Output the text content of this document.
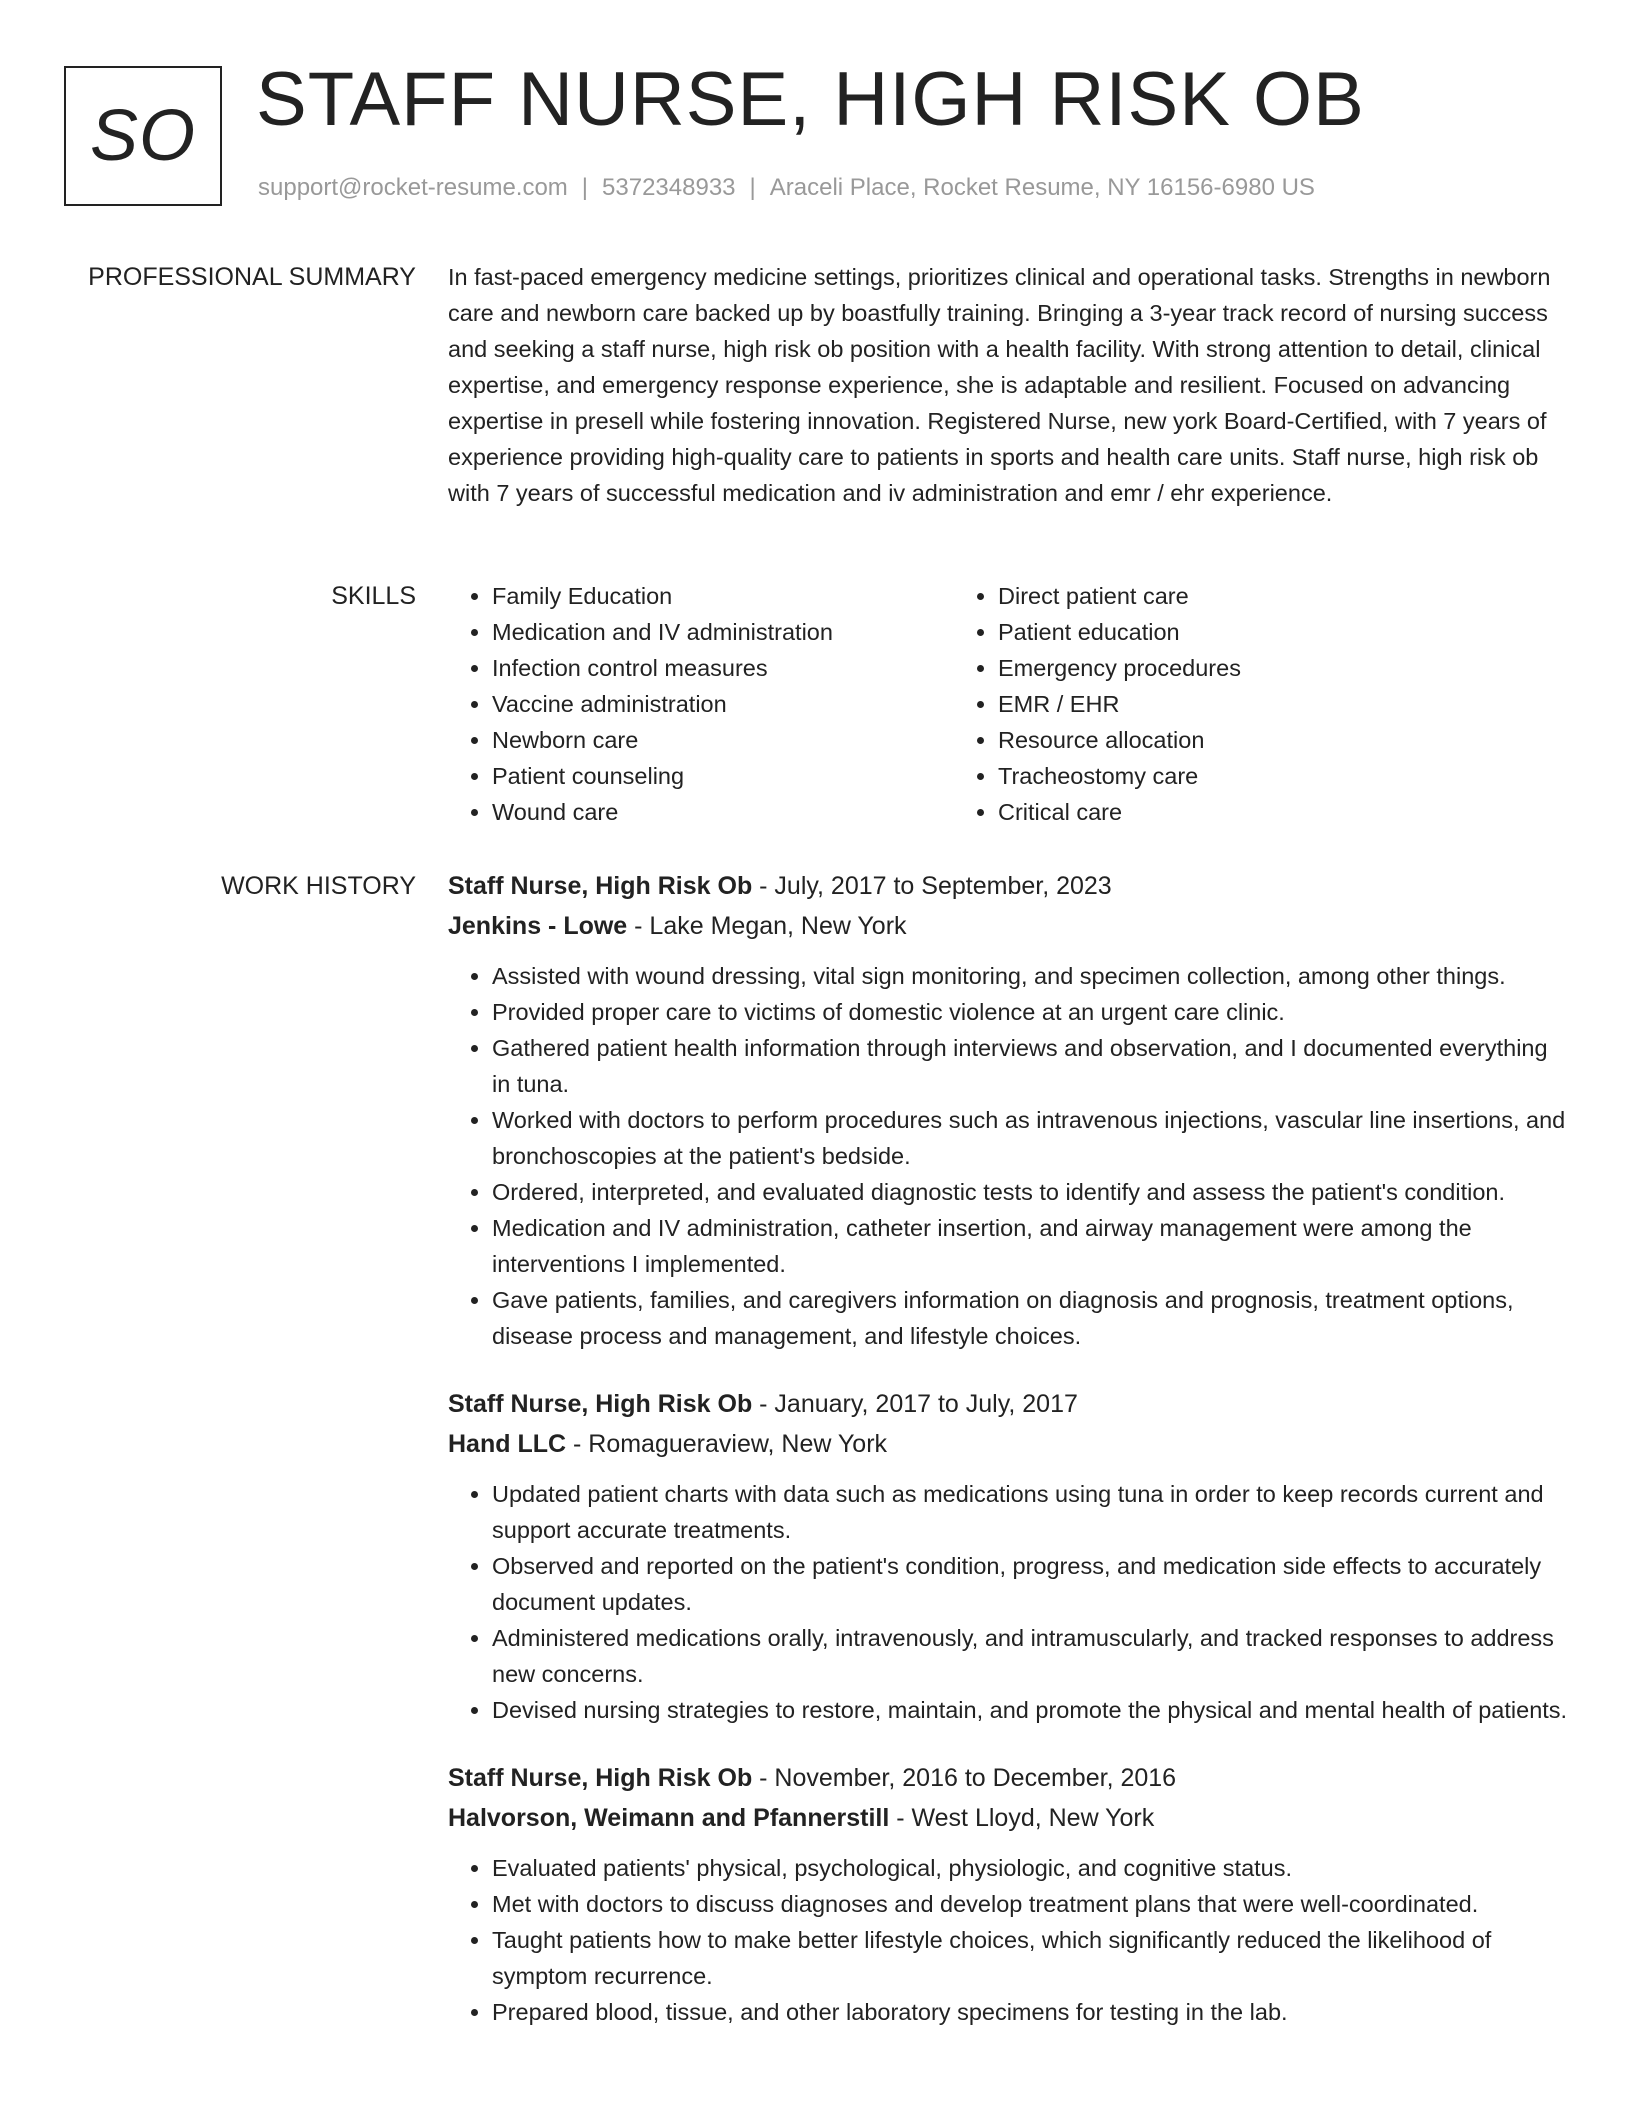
SO STAFF NURSE, HIGH RISK OB
support@rocket-resume.com | 5372348933 | Araceli Place, Rocket Resume, NY 16156-6980 US
PROFESSIONAL SUMMARY In fast-paced emergency medicine settings, prioritizes clinical and operational tasks. Strengths in newborn care and newborn care backed up by boastfully training. Bringing a 3-year track record of nursing success and seeking a staff nurse, high risk ob position with a health facility. With strong attention to detail, clinical expertise, and emergency response experience, she is adaptable and resilient. Focused on advancing expertise in presell while fostering innovation. Registered Nurse, new york Board-Certified, with 7 years of experience providing high-quality care to patients in sports and health care units. Staff nurse, high risk ob with 7 years of successful medication and iv administration and emr / ehr experience.

SKILLS
•	Family Education
• Medication and IV administration
• Infection control measures
• Vaccine administration
• Newborn care
• Patient counseling
• Wound care
• Direct patient care
• Patient education
• Emergency procedures
• EMR / EHR
• Resource allocation
• Tracheostomy care
• Critical care
WORK HISTORY Staff Nurse, High Risk Ob - July, 2017 to September, 2023
Jenkins - Lowe - Lake Megan, New York
• Assisted with wound dressing, vital sign monitoring, and specimen collection, among other things.
• Provided proper care to victims of domestic violence at an urgent care clinic.
• Gathered patient health information through interviews and observation, and I documented everything in tuna.
• Worked with doctors to perform procedures such as intravenous injections, vascular line insertions, and bronchoscopies at the patient's bedside.
• Ordered, interpreted, and evaluated diagnostic tests to identify and assess the patient's condition.
• Medication and IV administration, catheter insertion, and airway management were among the interventions I implemented.
• Gave patients, families, and caregivers information on diagnosis and prognosis, treatment options, disease process and management, and lifestyle choices.
Staff Nurse, High Risk Ob - January, 2017 to July, 2017
Hand LLC - Romagueraview, New York
• Updated patient charts with data such as medications using tuna in order to keep records current and support accurate treatments.
• Observed and reported on the patient's condition, progress, and medication side effects to accurately document updates.
• Administered medications orally, intravenously, and intramuscularly, and tracked responses to address new concerns.
• Devised nursing strategies to restore, maintain, and promote the physical and mental health of patients.
Staff Nurse, High Risk Ob - November, 2016 to December, 2016
Halvorson, Weimann and Pfannerstill - West Lloyd, New York
• Evaluated patients' physical, psychological, physiologic, and cognitive status.
• Met with doctors to discuss diagnoses and develop treatment plans that were well-coordinated.
• Taught patients how to make better lifestyle choices, which significantly reduced the likelihood of symptom recurrence.
• Prepared blood, tissue, and other laboratory specimens for testing in the lab.
